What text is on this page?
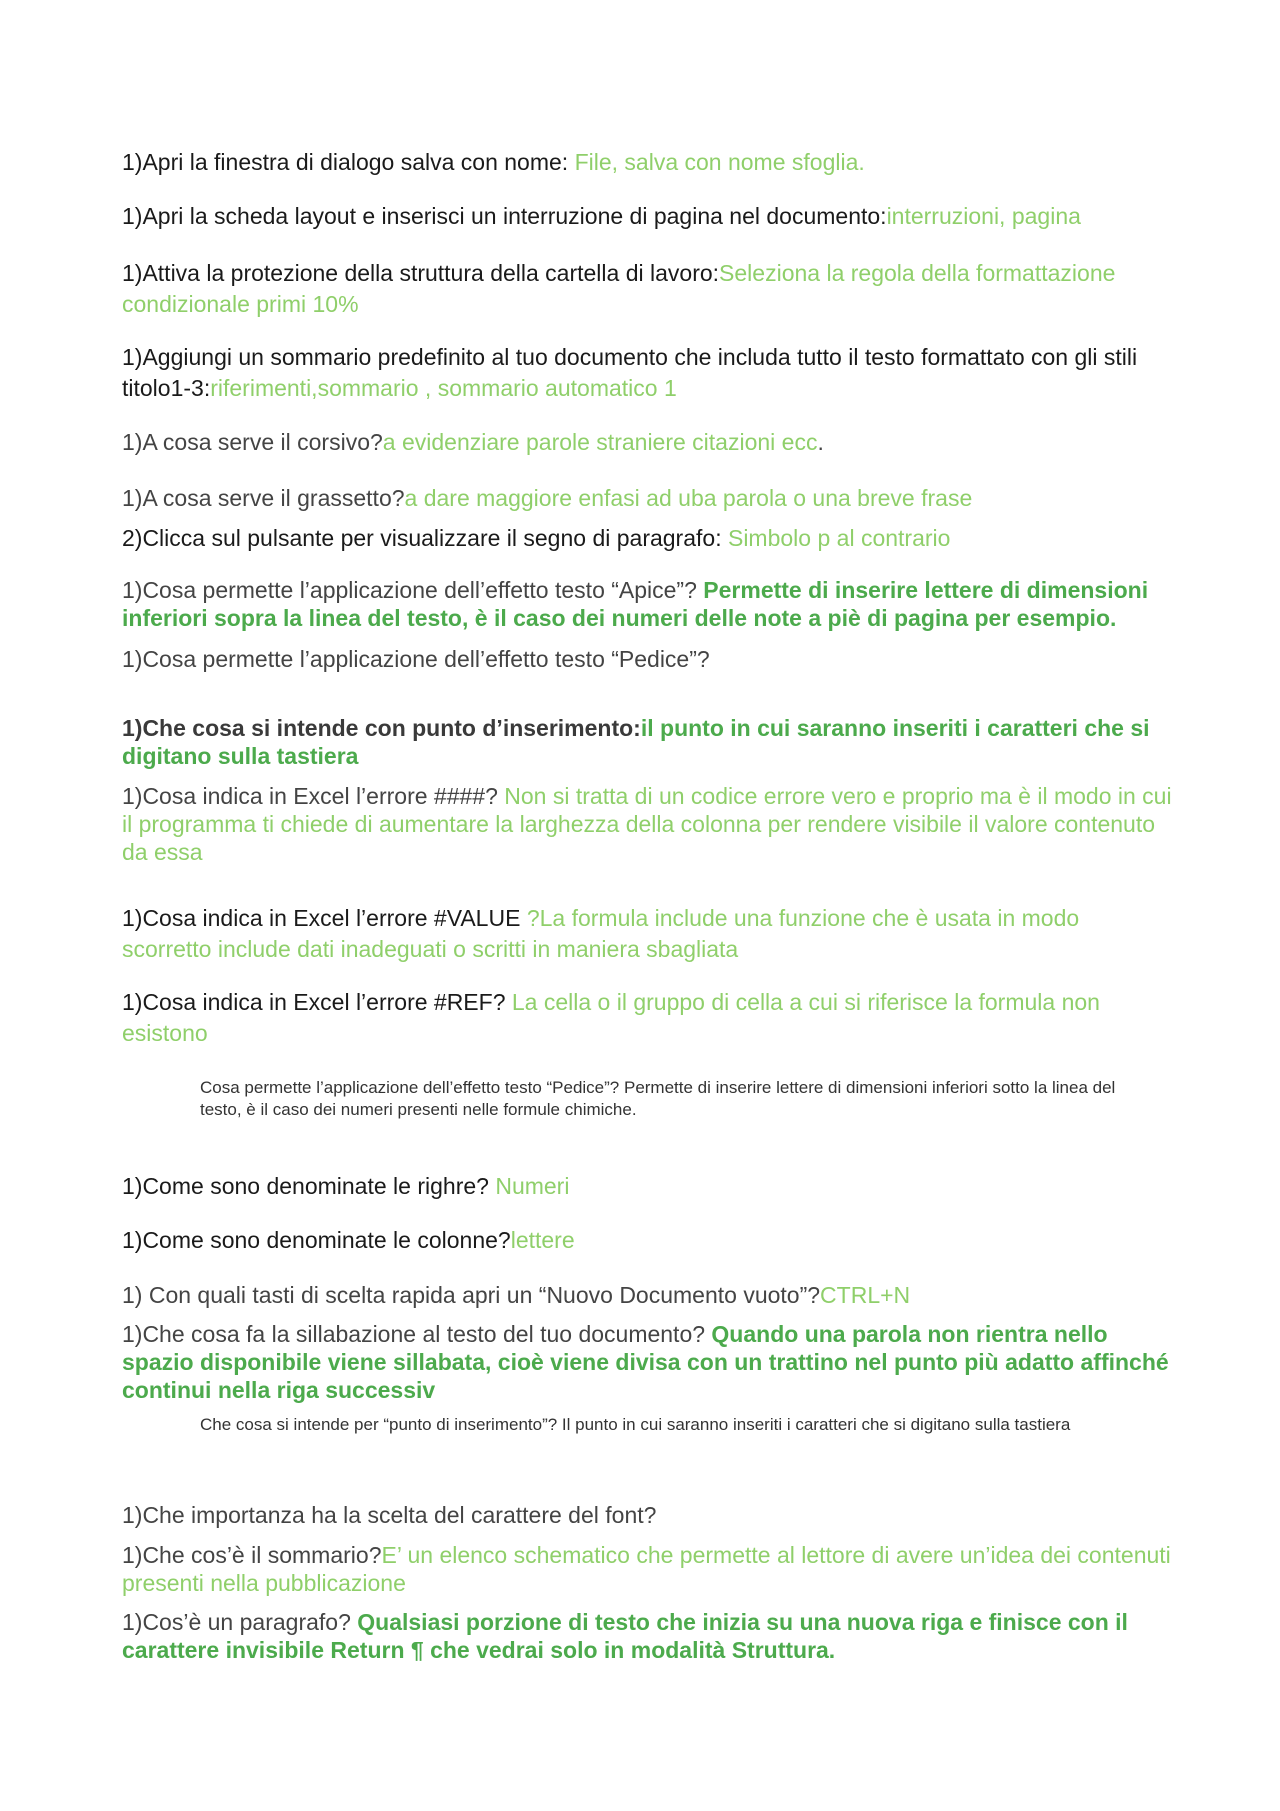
1)Apri la finestra di dialogo salva con nome: File, salva con nome sfoglia.

1)Apri la scheda layout e inserisci un interruzione di pagina nel documento:interruzioni, pagina

1)Attiva la protezione della struttura della cartella di lavoro:Seleziona la regola della formattazione condizionale primi 10%

1)Aggiungi un sommario predefinito al tuo documento che includa tutto il testo formattato con gli stili titolo1-3:riferimenti,sommario , sommario automatico 1

1)A cosa serve il corsivo?a evidenziare parole straniere citazioni ecc.

1)A cosa serve il grassetto?a dare maggiore enfasi ad uba parola o una breve frase

2)Clicca sul pulsante per visualizzare il segno di paragrafo: Simbolo p al contrario

1)Cosa permette l’applicazione dell’effetto testo “Apice”? Permette di inserire lettere di dimensioni inferiori sopra la linea del testo, è il caso dei numeri delle note a piè di pagina per esempio.

1)Cosa permette l’applicazione dell’effetto testo “Pedice”?

1)Che cosa si intende con punto d’inserimento:il punto in cui saranno inseriti i caratteri che si digitano sulla tastiera

1)Cosa indica in Excel l’errore ####? Non si tratta di un codice errore vero e proprio ma è il modo in cui il programma ti chiede di aumentare la larghezza della colonna per rendere visibile il valore contenuto da essa

1)Cosa indica in Excel l’errore #VALUE ?La formula include una funzione che è usata in modo scorretto include dati inadeguati o scritti in maniera sbagliata

1)Cosa indica in Excel l’errore #REF? La cella o il gruppo di cella a cui si riferisce la formula non esistono

Cosa permette l’applicazione dell’effetto testo “Pedice”? Permette di inserire lettere di dimensioni inferiori sotto la linea del testo, è il caso dei numeri presenti nelle formule chimiche.

1)Come sono denominate le righre? Numeri

1)Come sono denominate le colonne?lettere

1) Con quali tasti di scelta rapida apri un “Nuovo Documento vuoto”?CTRL+N

1)Che cosa fa la sillabazione al testo del tuo documento? Quando una parola non rientra nello spazio disponibile viene sillabata, cioè viene divisa con un trattino nel punto più adatto affinché continui nella riga successiv

Che cosa si intende per “punto di inserimento”? Il punto in cui saranno inseriti i caratteri che si digitano sulla tastiera

1)Che importanza ha la scelta del carattere del font?

1)Che cos’è il sommario?E’ un elenco schematico che permette al lettore di avere un’idea dei contenuti presenti nella pubblicazione

1)Cos’è un paragrafo? Qualsiasi porzione di testo che inizia su una nuova riga e finisce con il carattere invisibile Return ¶ che vedrai solo in modalità Struttura.
